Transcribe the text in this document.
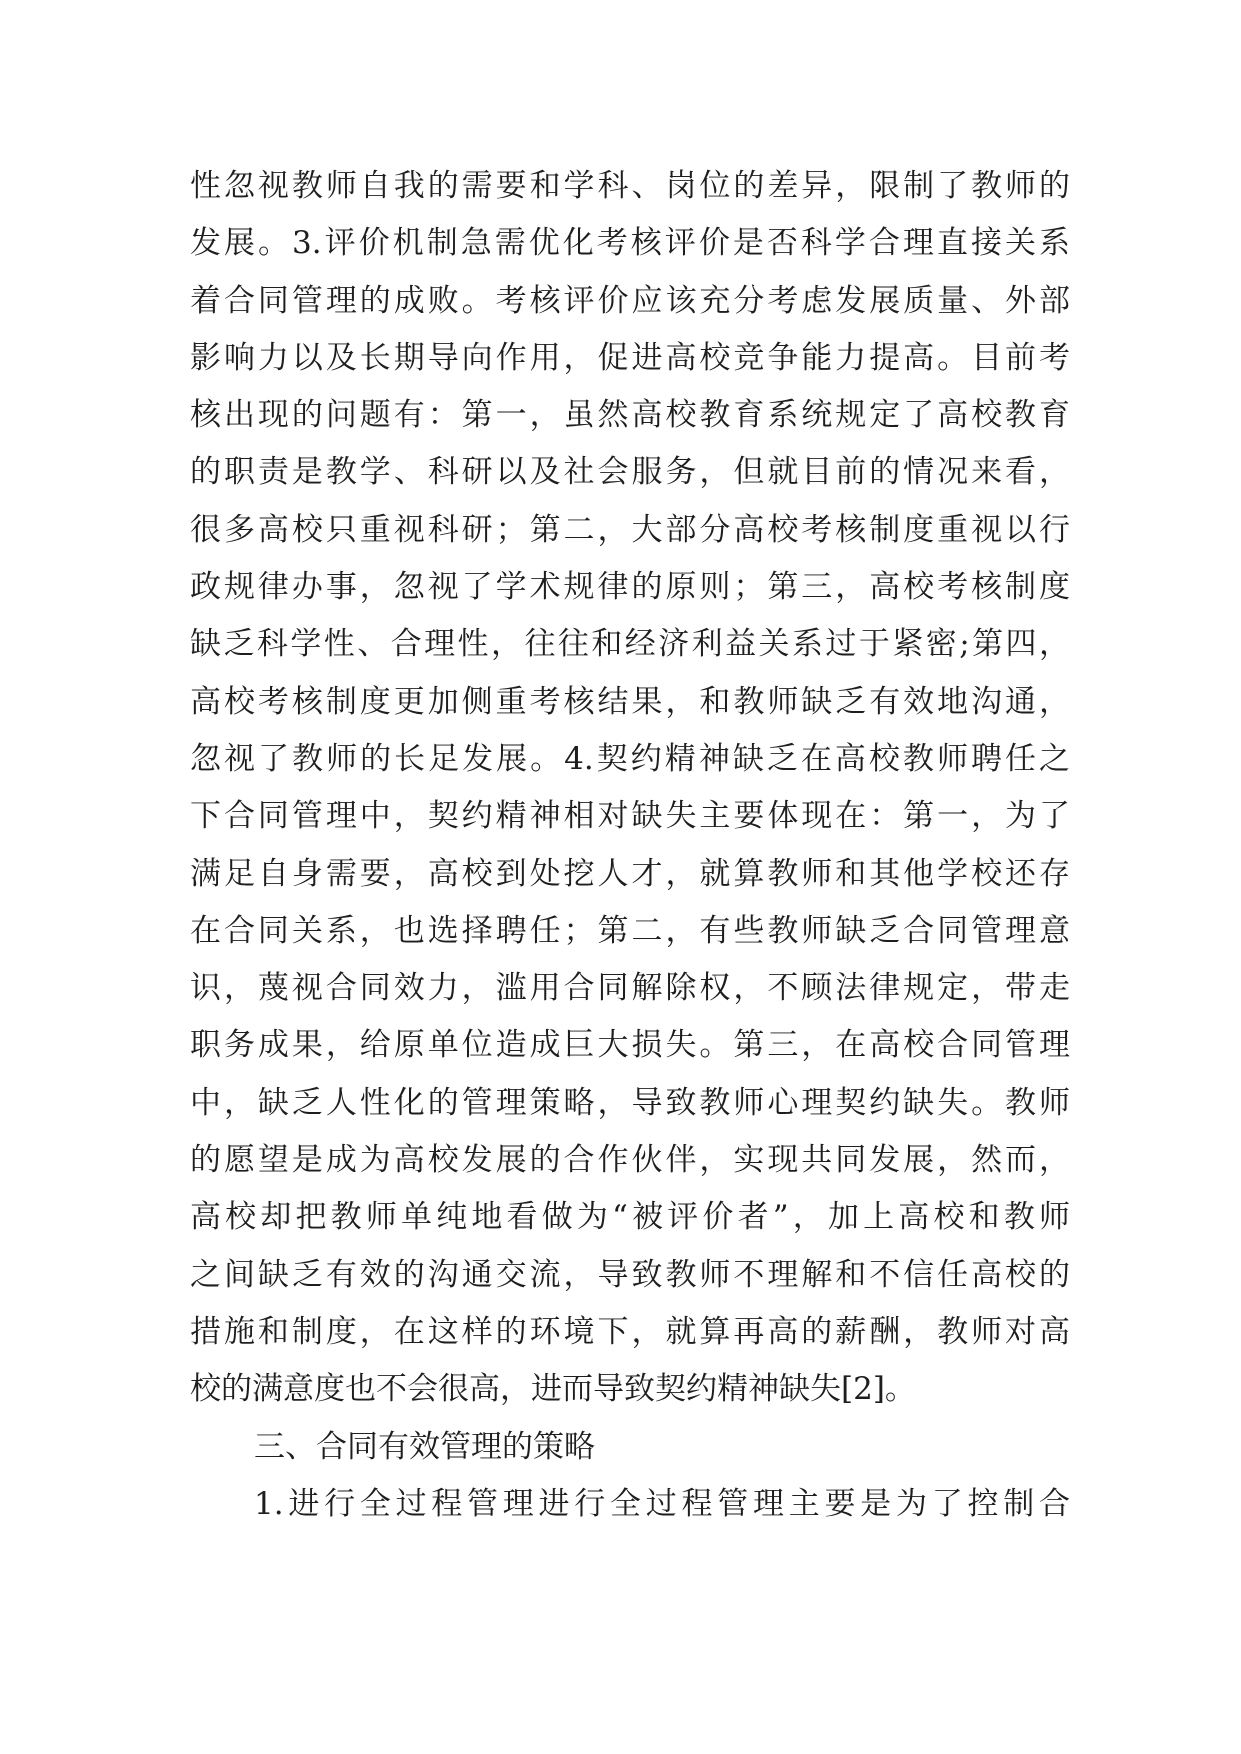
性忽视教师自我的需要和学科、岗位的差异，限制了教师的
发展。3.评价机制急需优化考核评价是否科学合理直接关系
着合同管理的成败。考核评价应该充分考虑发展质量、外部
影响力以及长期导向作用，促进高校竞争能力提高。目前考
核出现的问题有：第一，虽然高校教育系统规定了高校教育
的职责是教学、科研以及社会服务，但就目前的情况来看，
很多高校只重视科研；第二，大部分高校考核制度重视以行
政规律办事，忽视了学术规律的原则；第三，高校考核制度
缺乏科学性、合理性，往往和经济利益关系过于紧密;第四，
高校考核制度更加侧重考核结果，和教师缺乏有效地沟通，
忽视了教师的长足发展。4.契约精神缺乏在高校教师聘任之
下合同管理中，契约精神相对缺失主要体现在：第一，为了
满足自身需要，高校到处挖人才，就算教师和其他学校还存
在合同关系，也选择聘任；第二，有些教师缺乏合同管理意
识，蔑视合同效力，滥用合同解除权，不顾法律规定，带走
职务成果，给原单位造成巨大损失。第三，在高校合同管理
中，缺乏人性化的管理策略，导致教师心理契约缺失。教师
的愿望是成为高校发展的合作伙伴，实现共同发展，然而，
高校却把教师单纯地看做为“被评价者”，加上高校和教师
之间缺乏有效的沟通交流，导致教师不理解和不信任高校的
措施和制度，在这样的环境下，就算再高的薪酬，教师对高
校的满意度也不会很高，进而导致契约精神缺失[2]。
三、合同有效管理的策略
1.进行全过程管理进行全过程管理主要是为了控制合
